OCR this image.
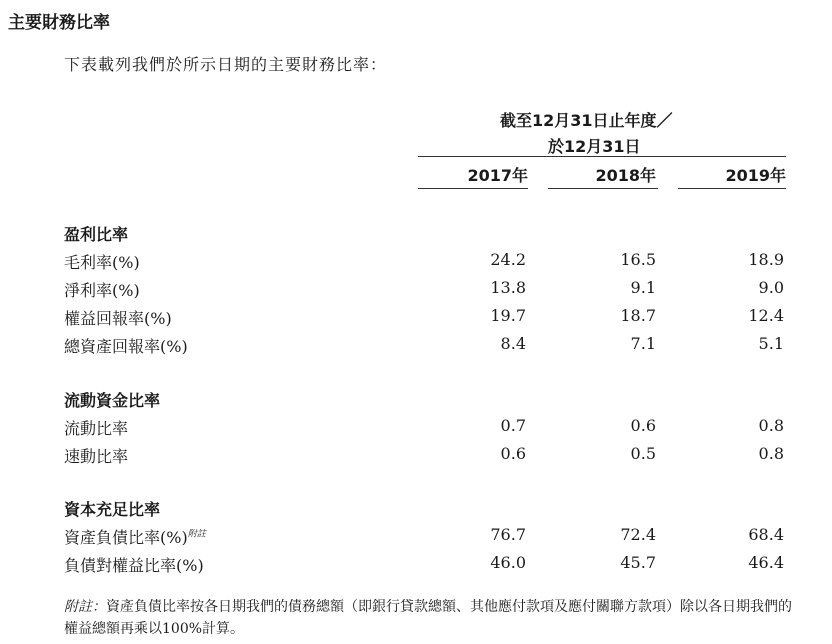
主要財務比率
下表載列我們於所示日期的主要財務比率：
截至12月31日止年度／
於12月31日
2017年	2018年	2019年
盈利比率
毛利率(%)	24.2	16.5	18.9
淨利率(%)	13.8	9.1	9.0
權益回報率(%)	19.7	18.7	12.4
總資產回報率(%)	8.4	7.1	5.1
流動資金比率
流動比率	0.7	0.6	0.8
速動比率	0.6	0.5	0.8
資本充足比率
資產負債比率(%)$^{附註}$	76.7	72.4	68.4
負債對權益比率(%)	46.0	45.7	46.4
附註：資產負債比率按各日期我們的債務總額（即銀行貸款總額、其他應付款項及應付關聯方款項）除以各日期我們的權益總額再乘以100%計算。
